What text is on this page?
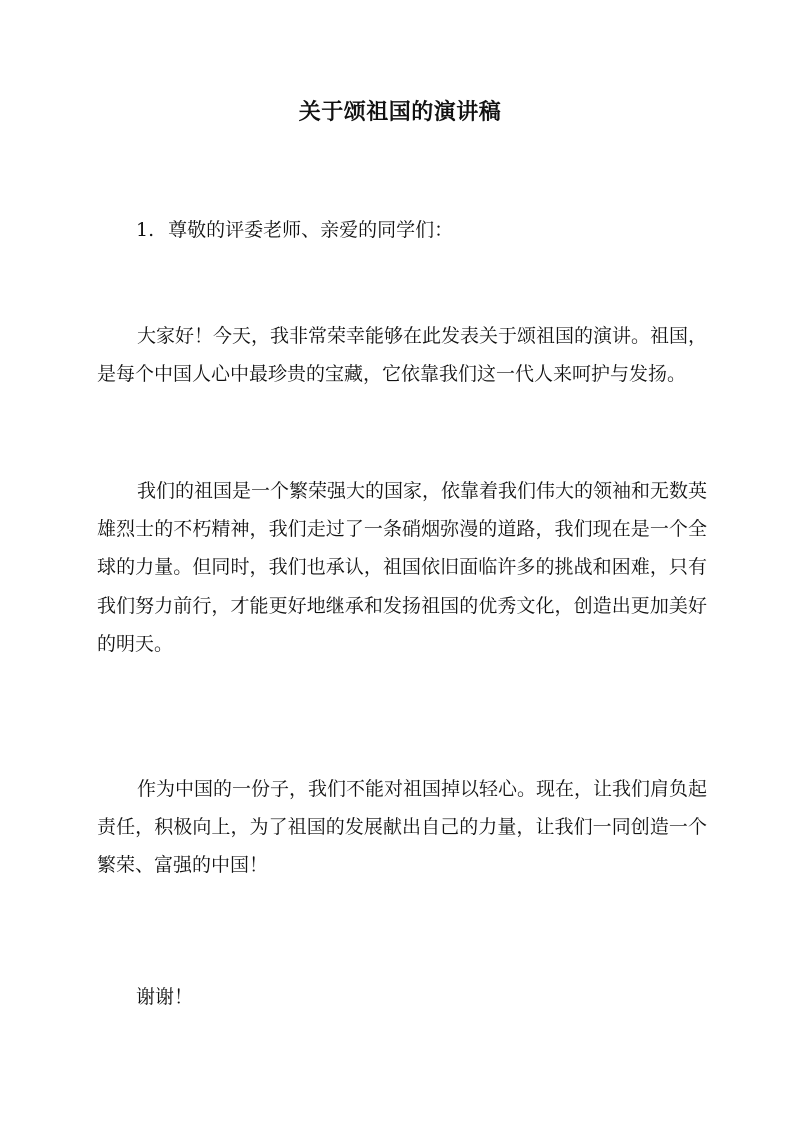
关于颂祖国的演讲稿
1. 尊敬的评委老师、亲爱的同学们：

大家好！今天，我非常荣幸能够在此发表关于颂祖国的演讲。祖国，是每个中国人心中最珍贵的宝藏，它依靠我们这一代人来呵护与发扬。

我们的祖国是一个繁荣强大的国家，依靠着我们伟大的领袖和无数英雄烈士的不朽精神，我们走过了一条硝烟弥漫的道路，我们现在是一个全球的力量。但同时，我们也承认，祖国依旧面临许多的挑战和困难，只有我们努力前行，才能更好地继承和发扬祖国的优秀文化，创造出更加美好的明天。

作为中国的一份子，我们不能对祖国掉以轻心。现在，让我们肩负起责任，积极向上，为了祖国的发展献出自己的力量，让我们一同创造一个繁荣、富强的中国！

谢谢！
